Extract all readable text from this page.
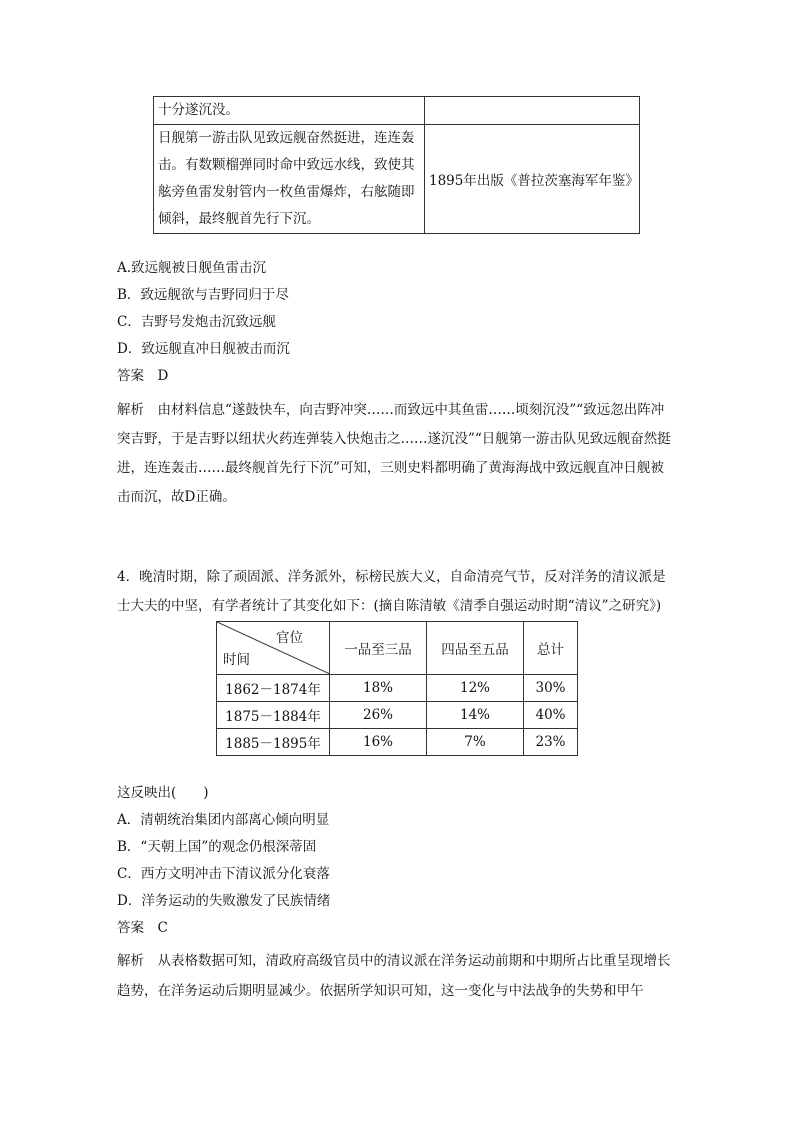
十分遂沉没。	
日舰第一游击队见致远舰奋然挺进，连连轰击。有数颗榴弹同时命中致远水线，致使其舷旁鱼雷发射管内一枚鱼雷爆炸，右舷随即倾斜，最终舰首先行下沉。	1895年出版《普拉茨塞海军年鉴》
A.致远舰被日舰鱼雷击沉
B．致远舰欲与吉野同归于尽
C．吉野号发炮击沉致远舰
D．致远舰直冲日舰被击而沉
答案　D
解析　由材料信息“遂鼓快车，向吉野冲突……而致远中其鱼雷……顷刻沉没”“致远忽出阵冲突吉野，于是吉野以纽状火药连弹装入快炮击之……遂沉没”“日舰第一游击队见致远舰奋然挺进，连连轰击……最终舰首先行下沉”可知，三则史料都明确了黄海海战中致远舰直冲日舰被击而沉，故D正确。
4．晚清时期，除了顽固派、洋务派外，标榜民族大义，自命清亮气节，反对洋务的清议派是士大夫的中坚，有学者统计了其变化如下：(摘自陈清敏《清季自强运动时期“清议”之研究》)
官位
时间	一品至三品	四品至五品	总计
1862－1874年	18%	12%	30%
1875－1884年	26%	14%	40%
1885－1895年	16%	7%	23%
这反映出(　　)
A．清朝统治集团内部离心倾向明显
B．“天朝上国”的观念仍根深蒂固
C．西方文明冲击下清议派分化衰落
D．洋务运动的失败激发了民族情绪
答案　C
解析　从表格数据可知，清政府高级官员中的清议派在洋务运动前期和中期所占比重呈现增长趋势，在洋务运动后期明显减少。依据所学知识可知，这一变化与中法战争的失势和甲午
